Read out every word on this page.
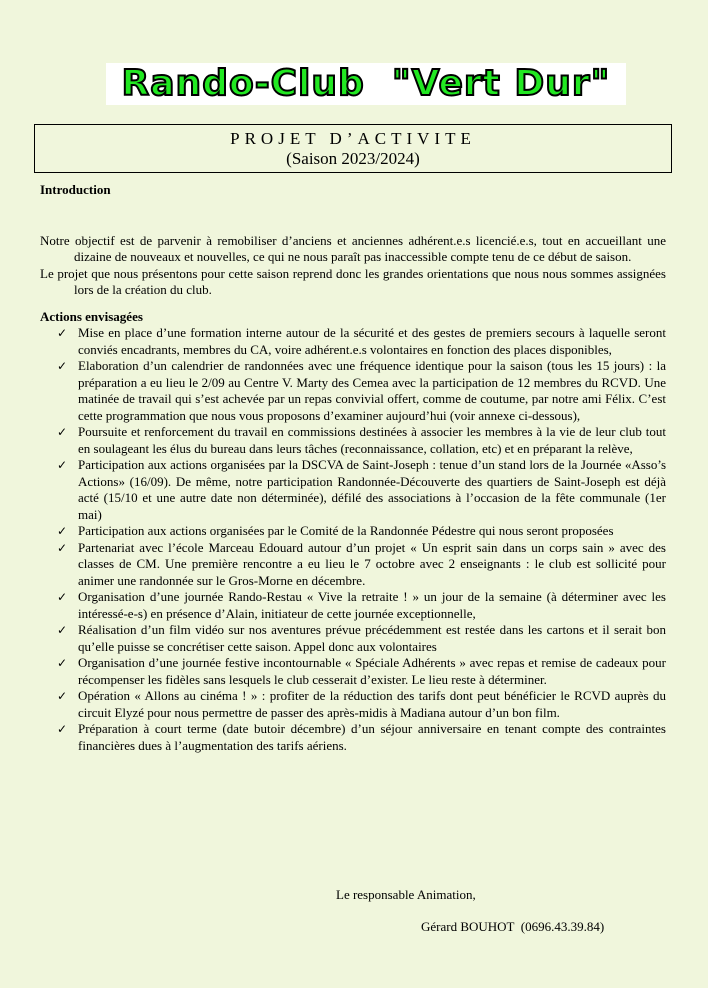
Rando-Club  "Vert Dur"
PROJET D’ACTIVITE
(Saison 2023/2024)
Introduction
Notre objectif est de parvenir à remobiliser d’anciens et anciennes adhérent.e.s licencié.e.s, tout en accueillant une dizaine de nouveaux et nouvelles, ce qui ne nous paraît pas inaccessible compte tenu de ce début de saison.
Le projet que nous présentons pour cette saison reprend donc les grandes orientations que nous nous sommes assignées lors de la création du club.
Actions envisagées
✓ Mise en place d’une formation interne autour de la sécurité et des gestes de premiers secours à laquelle seront conviés encadrants, membres du CA, voire adhérent.e.s volontaires en fonction des places disponibles,
✓ Elaboration d’un calendrier de randonnées avec une fréquence identique pour la saison (tous les 15 jours) : la préparation a eu lieu le 2/09 au Centre V. Marty des Cemea avec la participation de 12 membres du RCVD. Une matinée de travail qui s’est achevée par un repas convivial offert, comme de coutume, par notre ami Félix. C’est cette programmation que nous vous proposons d’examiner aujourd’hui (voir annexe ci-dessous),
✓ Poursuite et renforcement du travail en commissions destinées à associer les membres à la vie de leur club tout en soulageant les élus du bureau dans leurs tâches (reconnaissance, collation, etc) et en préparant la relève,
✓ Participation aux actions organisées par la DSCVA de Saint-Joseph : tenue d’un stand lors de la Journée «Asso’s Actions» (16/09). De même, notre participation Randonnée-Découverte des quartiers de Saint-Joseph est déjà acté (15/10 et une autre date non déterminée), défilé des associations à l’occasion de la fête communale (1er mai)
✓ Participation aux actions organisées par le Comité de la Randonnée Pédestre qui nous seront proposées
✓ Partenariat avec l’école Marceau Edouard autour d’un projet « Un esprit sain dans un corps sain » avec des classes de CM. Une première rencontre a eu lieu le 7 octobre avec 2 enseignants : le club est sollicité pour animer une randonnée sur le Gros-Morne en décembre.
✓ Organisation d’une journée Rando-Restau « Vive la retraite ! » un jour de la semaine (à déterminer avec les intéressé-e-s) en présence d’Alain, initiateur de cette journée exceptionnelle,
✓ Réalisation d’un film vidéo sur nos aventures prévue précédemment est restée dans les cartons et il serait bon qu’elle puisse se concrétiser cette saison. Appel donc aux volontaires
✓ Organisation d’une journée festive incontournable « Spéciale Adhérents » avec repas et remise de cadeaux pour récompenser les fidèles sans lesquels le club cesserait d’exister. Le lieu reste à déterminer.
✓ Opération « Allons au cinéma ! » : profiter de la réduction des tarifs dont peut bénéficier le RCVD auprès du circuit Elyzé pour nous permettre de passer des après-midis à Madiana autour d’un bon film.
✓ Préparation à court terme (date butoir décembre) d’un séjour anniversaire en tenant compte des contraintes financières dues à l’augmentation des tarifs aériens.
Le responsable Animation,
Gérard BOUHOT  (0696.43.39.84)
